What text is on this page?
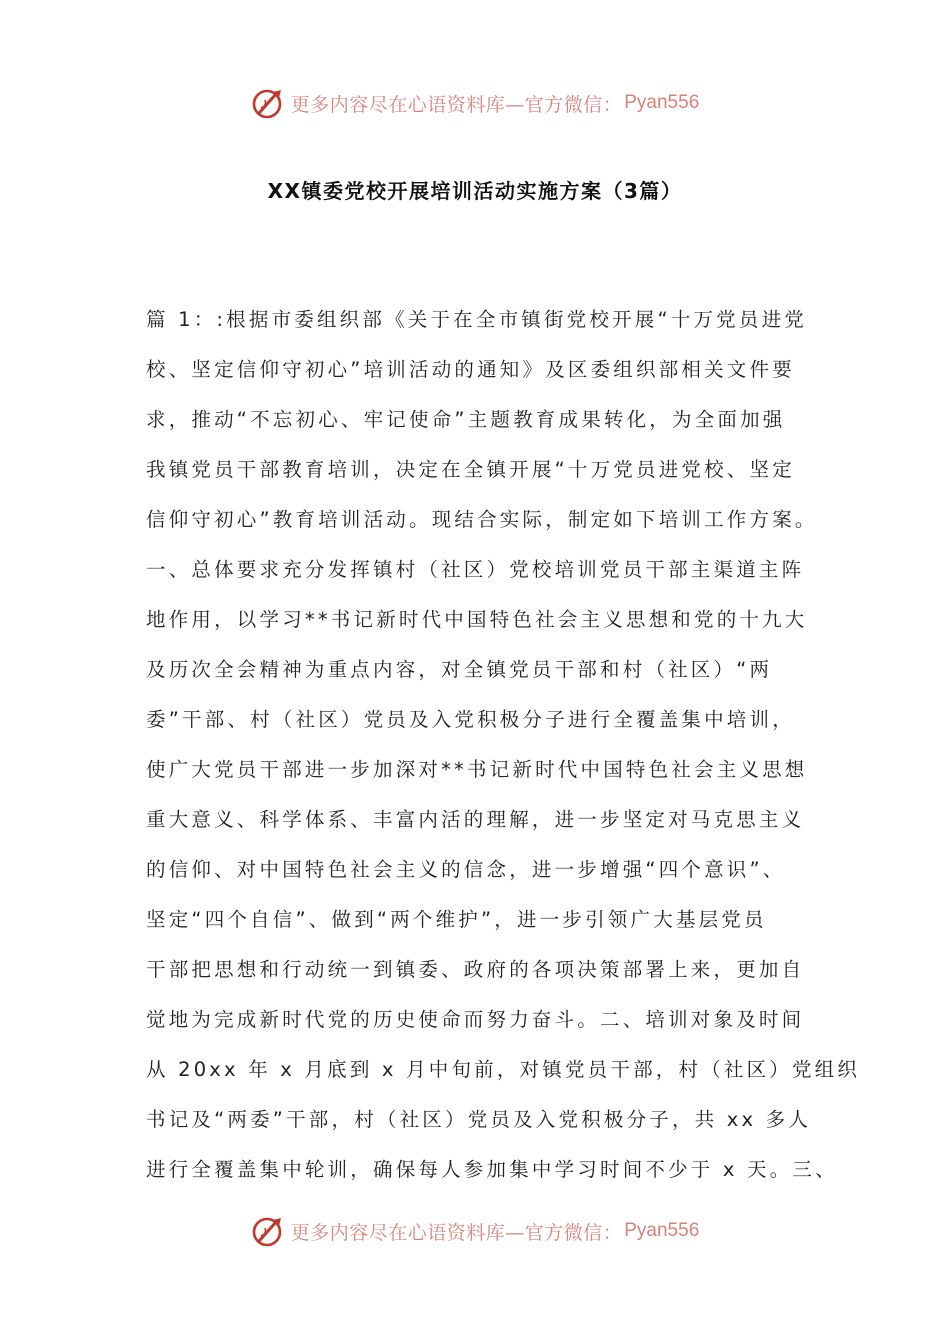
更多内容尽在心语资料库—官方微信： Pyan556
XX镇委党校开展培训活动实施方案（3篇）
篇 1：:根据市委组织部《关于在全市镇街党校开展“十万党员进党
校、坚定信仰守初心”培训活动的通知》及区委组织部相关文件要
求，推动“不忘初心、牢记使命”主题教育成果转化，为全面加强
我镇党员干部教育培训，决定在全镇开展“十万党员进党校、坚定
信仰守初心”教育培训活动。现结合实际，制定如下培训工作方案。
一、总体要求充分发挥镇村（社区）党校培训党员干部主渠道主阵
地作用，以学习**书记新时代中国特色社会主义思想和党的十九大
及历次全会精神为重点内容，对全镇党员干部和村（社区）“两
委”干部、村（社区）党员及入党积极分子进行全覆盖集中培训，
使广大党员干部进一步加深对**书记新时代中国特色社会主义思想
重大意义、科学体系、丰富内活的理解，进一步坚定对马克思主义
的信仰、对中国特色社会主义的信念，进一步增强“四个意识”、
坚定“四个自信”、做到“两个维护”，进一步引领广大基层党员
干部把思想和行动统一到镇委、政府的各项决策部署上来，更加自
觉地为完成新时代党的历史使命而努力奋斗。二、培训对象及时间
从 20xx 年 x 月底到 x 月中旬前，对镇党员干部，村（社区）党组织
书记及“两委”干部，村（社区）党员及入党积极分子，共 xx 多人
进行全覆盖集中轮训，确保每人参加集中学习时间不少于 x 天。三、
更多内容尽在心语资料库—官方微信： Pyan556
